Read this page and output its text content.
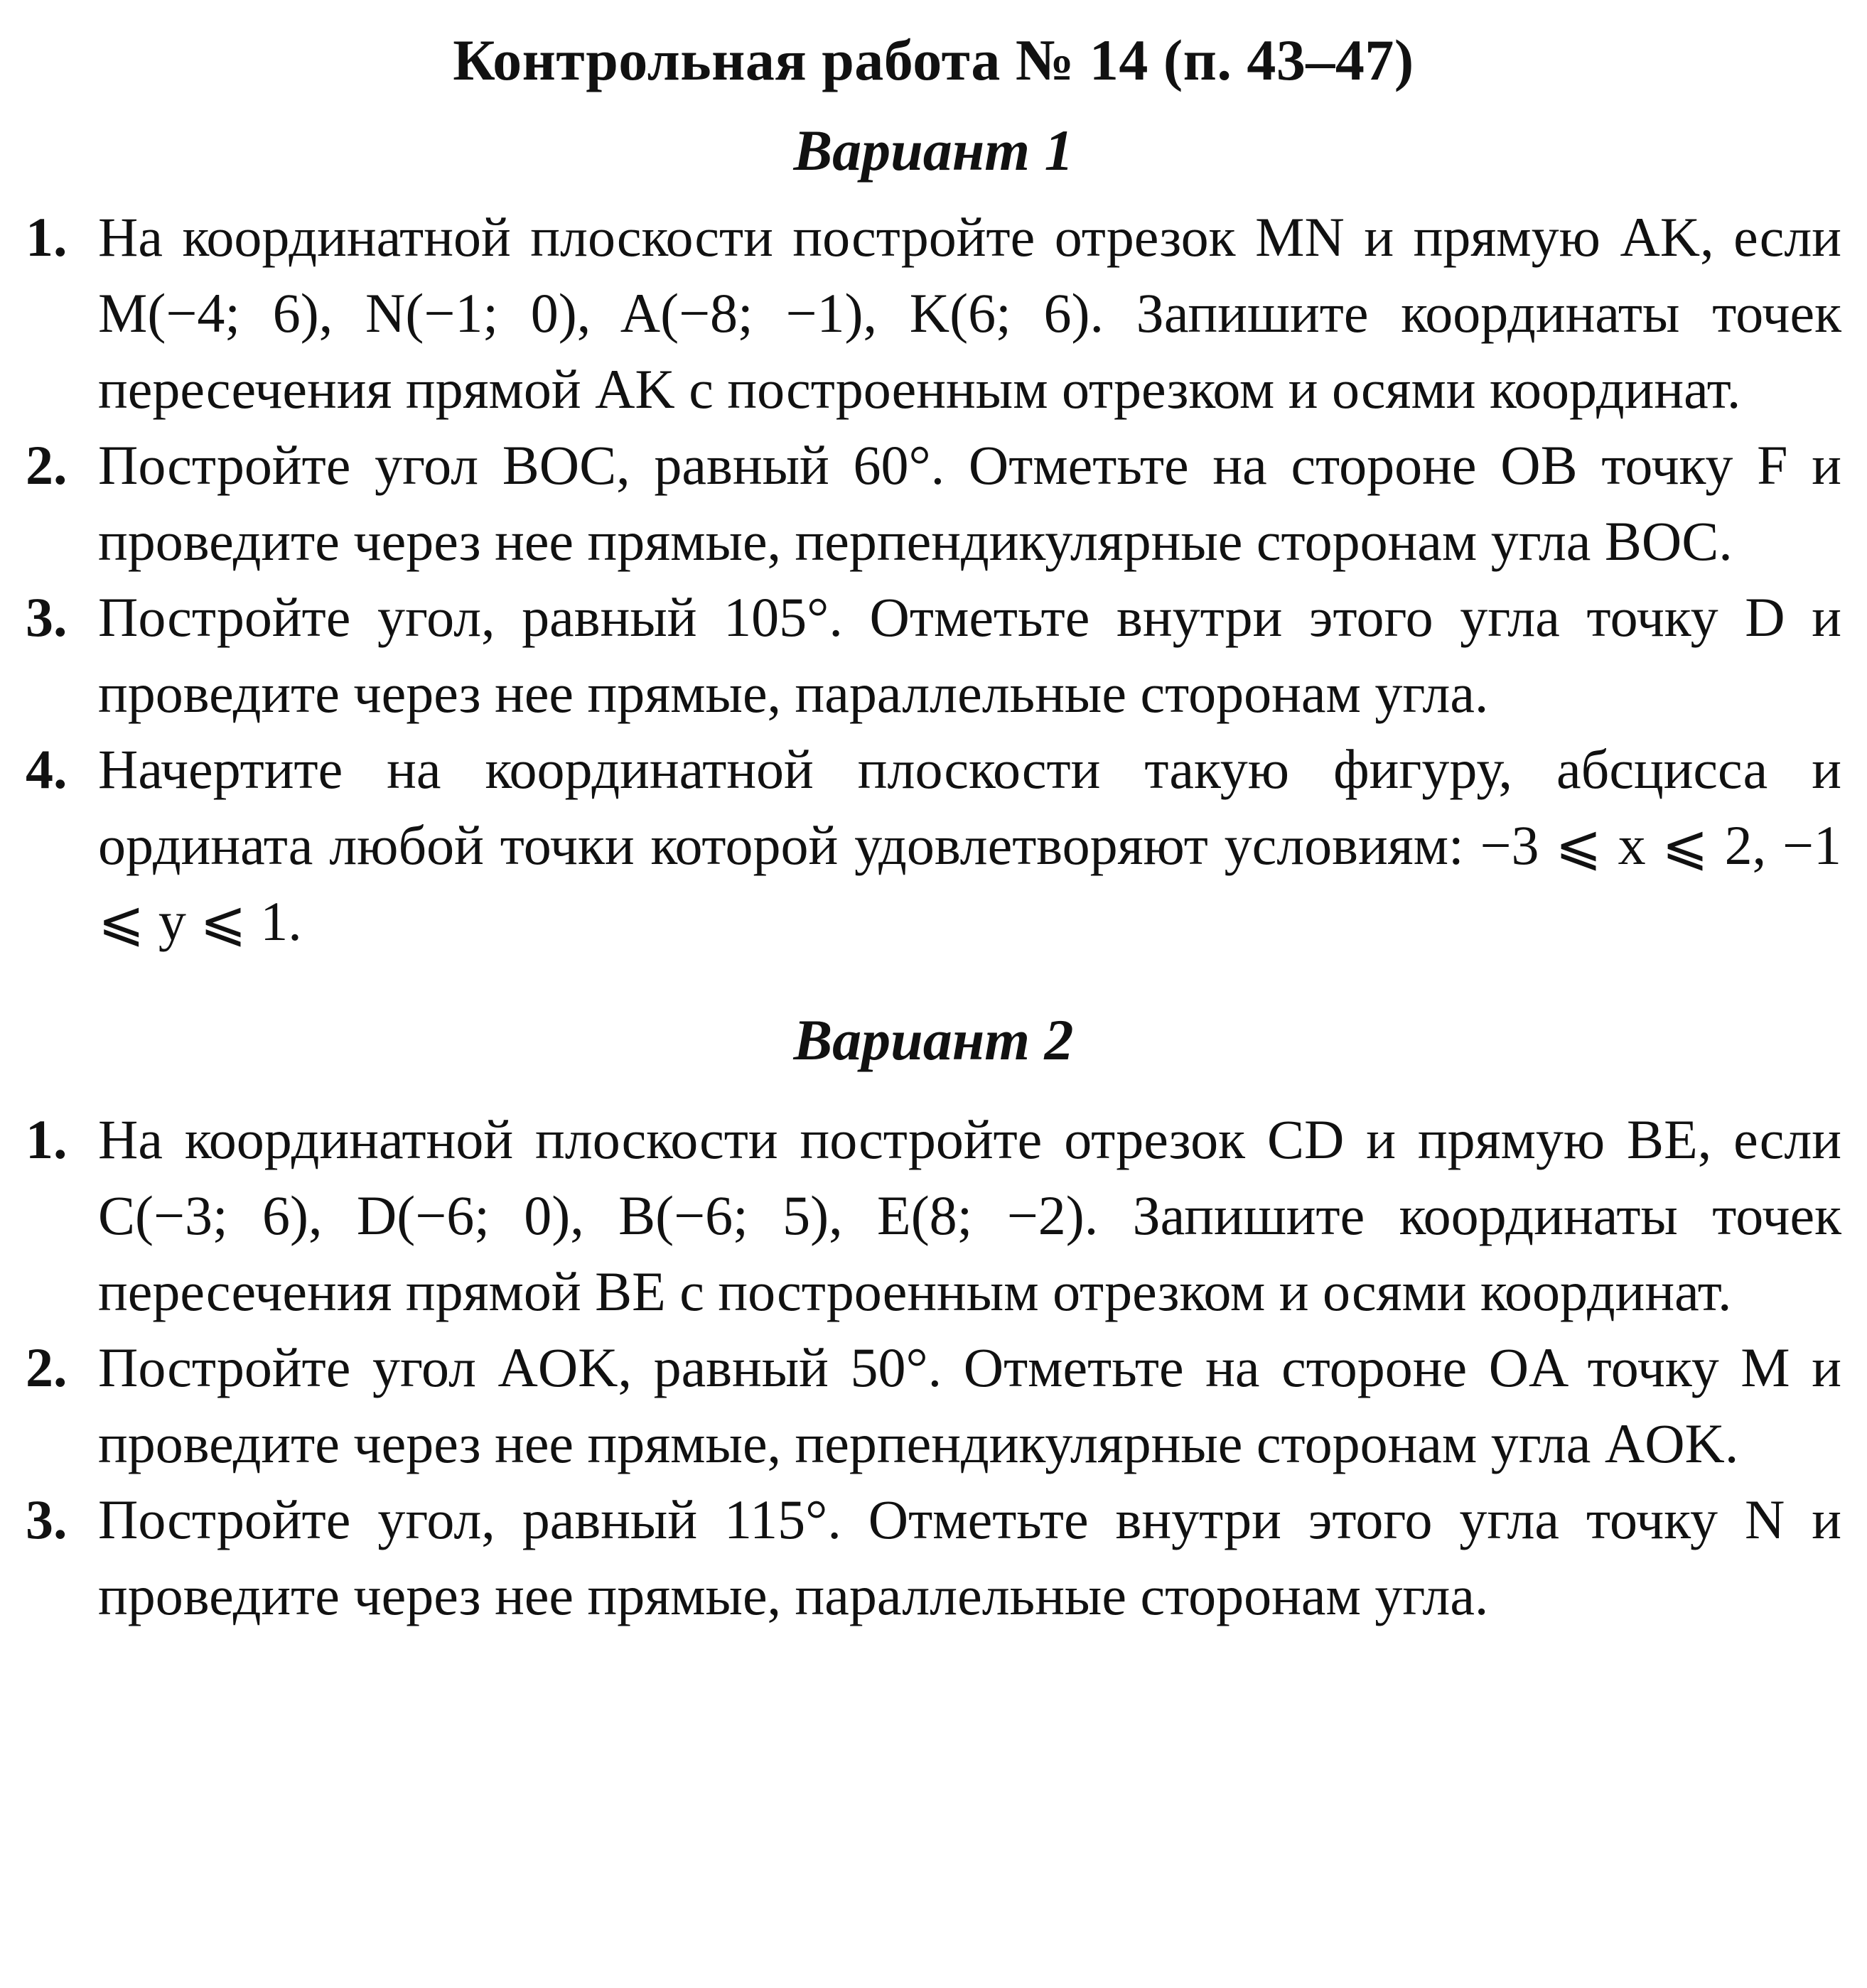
Контрольная работа № 14 (п. 43–47)
Вариант 1
1. На координатной плоскости постройте отрезок MN и прямую AK, если M(−4; 6), N(−1; 0), A(−8; −1), K(6; 6). Запишите координаты точек пересечения прямой AK с построенным отрезком и осями координат.
2. Постройте угол BOC, равный 60°. Отметьте на стороне OB точку F и проведите через нее прямые, перпендикулярные сторонам угла BOC.
3. Постройте угол, равный 105°. Отметьте внутри этого угла точку D и проведите через нее прямые, параллельные сторонам угла.
4. Начертите на координатной плоскости такую фигуру, абсцисса и ордината любой точки которой удовлетворяют условиям: −3 ⩽ x ⩽ 2, −1 ⩽ y ⩽ 1.
Вариант 2
1. На координатной плоскости постройте отрезок CD и прямую BE, если C(−3; 6), D(−6; 0), B(−6; 5), E(8; −2). Запишите координаты точек пересечения прямой BE с построенным отрезком и осями координат.
2. Постройте угол AOK, равный 50°. Отметьте на стороне OA точку M и проведите через нее прямые, перпендикулярные сторонам угла AOK.
3. Постройте угол, равный 115°. Отметьте внутри этого угла точку N и проведите через нее прямые, параллельные сторонам угла.
